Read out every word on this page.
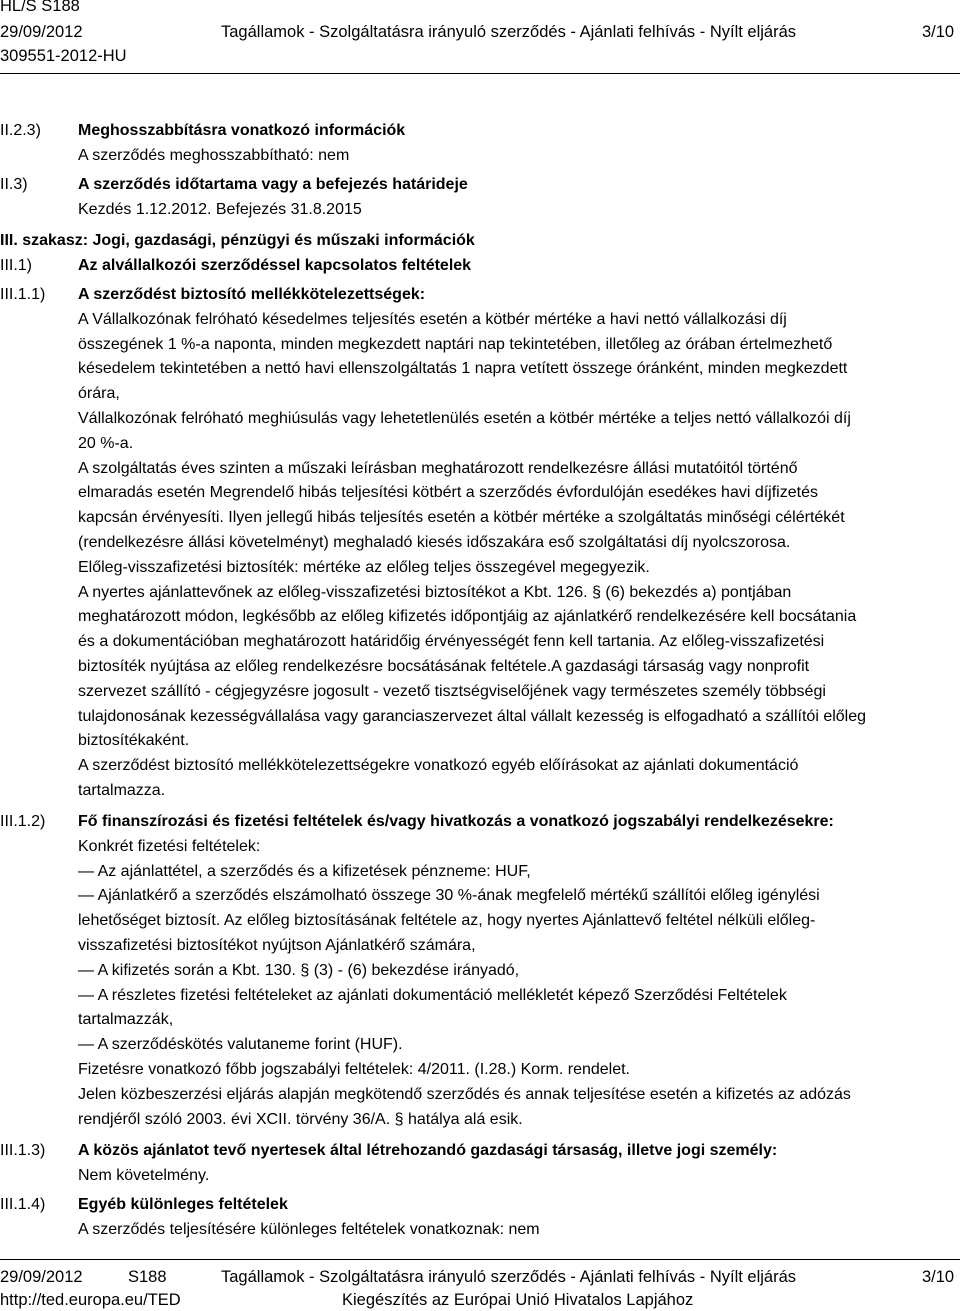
HL/S S188
29/09/2012	Tagállamok - Szolgáltatásra irányuló szerződés - Ajánlati felhívás - Nyílt eljárás	3/10
309551-2012-HU
II.2.3)	Meghosszabbításra vonatkozó információk
A szerződés meghosszabbítható: nem
II.3)	A szerződés időtartama vagy a befejezés határideje
Kezdés 1.12.2012. Befejezés 31.8.2015
III. szakasz: Jogi, gazdasági, pénzügyi és műszaki információk
III.1)	Az alvállalkozói szerződéssel kapcsolatos feltételek
III.1.1)	A szerződést biztosító mellékkötelezettségek:
A Vállalkozónak felróható késedelmes teljesítés esetén a kötbér mértéke a havi nettó vállalkozási díj
összegének 1 %-a naponta, minden megkezdett naptári nap tekintetében, illetőleg az órában értelmezhető
késedelem tekintetében a nettó havi ellenszolgáltatás 1 napra vetített összege óránként, minden megkezdett
órára,
Vállalkozónak felróható meghiúsulás vagy lehetetlenülés esetén a kötbér mértéke a teljes nettó vállalkozói díj
20 %-a.
A szolgáltatás éves szinten a műszaki leírásban meghatározott rendelkezésre állási mutatóitól történő
elmaradás esetén Megrendelő hibás teljesítési kötbért a szerződés évfordulóján esedékes havi díjfizetés
kapcsán érvényesíti. Ilyen jellegű hibás teljesítés esetén a kötbér mértéke a szolgáltatás minőségi célértékét
(rendelkezésre állási követelményt) meghaladó kiesés időszakára eső szolgáltatási díj nyolcszorosa.
Előleg-visszafizetési biztosíték: mértéke az előleg teljes összegével megegyezik.
A nyertes ajánlattevőnek az előleg-visszafizetési biztosítékot a Kbt. 126. § (6) bekezdés a) pontjában
meghatározott módon, legkésőbb az előleg kifizetés időpontjáig az ajánlatkérő rendelkezésére kell bocsátania
és a dokumentációban meghatározott határidőig érvényességét fenn kell tartania. Az előleg-visszafizetési
biztosíték nyújtása az előleg rendelkezésre bocsátásának feltétele.A gazdasági társaság vagy nonprofit
szervezet szállító - cégjegyzésre jogosult - vezető tisztségviselőjének vagy természetes személy többségi
tulajdonosának kezességvállalása vagy garanciaszervezet által vállalt kezesség is elfogadható a szállítói előleg
biztosítékaként.
A szerződést biztosító mellékkötelezettségekre vonatkozó egyéb előírásokat az ajánlati dokumentáció
tartalmazza.
III.1.2)	Fő finanszírozási és fizetési feltételek és/vagy hivatkozás a vonatkozó jogszabályi rendelkezésekre:
Konkrét fizetési feltételek:
— Az ajánlattétel, a szerződés és a kifizetések pénzneme: HUF,
— Ajánlatkérő a szerződés elszámolható összege 30 %-ának megfelelő mértékű szállítói előleg igénylési
lehetőséget biztosít. Az előleg biztosításának feltétele az, hogy nyertes Ajánlattevő feltétel nélküli előleg-
visszafizetési biztosítékot nyújtson Ajánlatkérő számára,
— A kifizetés során a Kbt. 130. § (3) - (6) bekezdése irányadó,
— A részletes fizetési feltételeket az ajánlati dokumentáció mellékletét képező Szerződési Feltételek
tartalmazzák,
— A szerződéskötés valutaneme forint (HUF).
Fizetésre vonatkozó főbb jogszabályi feltételek: 4/2011. (I.28.) Korm. rendelet.
Jelen közbeszerzési eljárás alapján megkötendő szerződés és annak teljesítése esetén a kifizetés az adózás
rendjéről szóló 2003. évi XCII. törvény 36/A. § hatálya alá esik.
III.1.3)	A közös ajánlatot tevő nyertesek által létrehozandó gazdasági társaság, illetve jogi személy:
Nem követelmény.
III.1.4)	Egyéb különleges feltételek
A szerződés teljesítésére különleges feltételek vonatkoznak: nem
29/09/2012	S188	Tagállamok - Szolgáltatásra irányuló szerződés - Ajánlati felhívás - Nyílt eljárás	3/10
http://ted.europa.eu/TED	Kiegészítés az Európai Unió Hivatalos Lapjához
